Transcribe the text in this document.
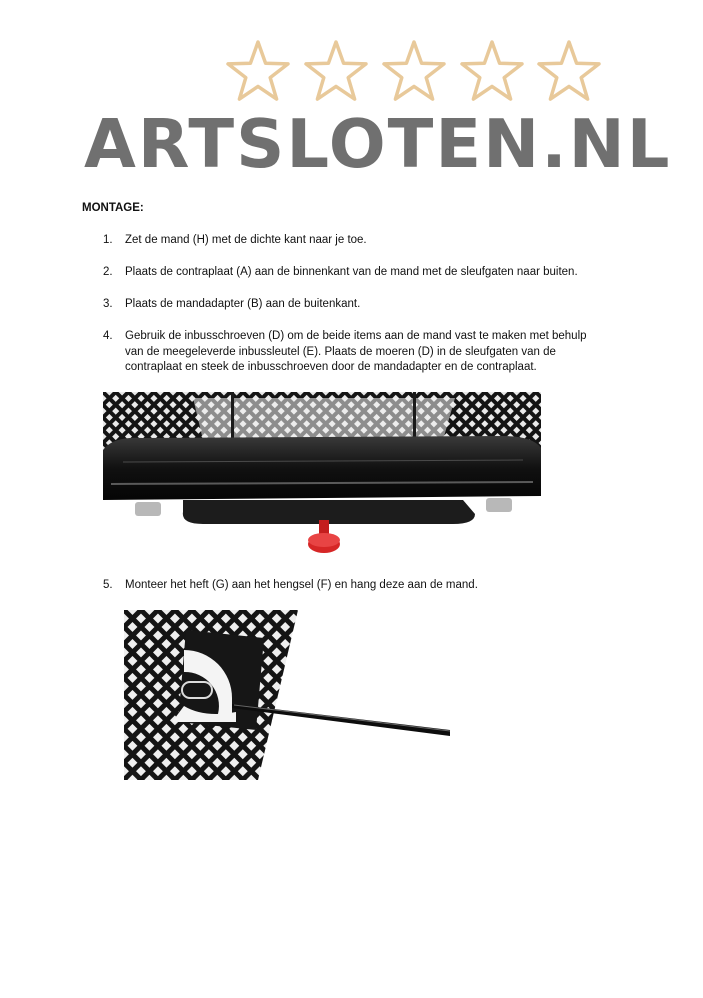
ARTSLOTEN.NL
MONTAGE:
1.	Zet de mand (H) met de dichte kant naar je toe.
2.	Plaats de contraplaat (A) aan de binnenkant van de mand met de sleufgaten naar buiten.
3.	Plaats de mandadapter (B) aan de buitenkant.
4.	Gebruik de inbusschroeven (D) om de beide items aan de mand vast te maken met behulp
van de meegeleverde inbussleutel (E). Plaats de moeren (D) in de sleufgaten van de
contraplaat en steek de inbusschroeven door de mandadapter en de contraplaat.
5.	Monteer het heft (G) aan het hengsel (F) en hang deze aan de mand.
